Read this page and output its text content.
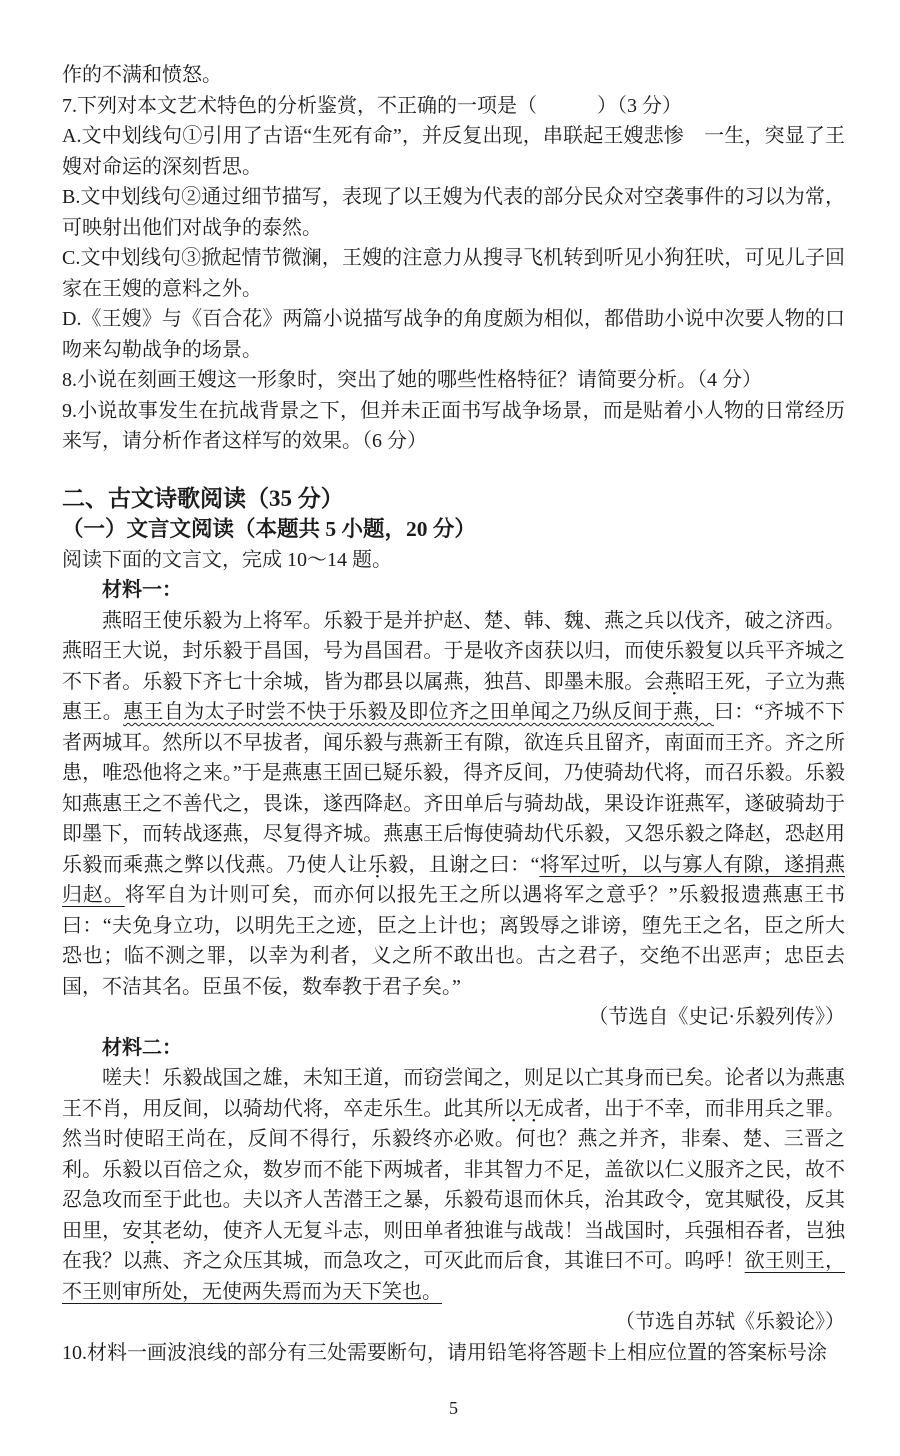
作的不满和愤怒。

7.下列对本文艺术特色的分析鉴赏，不正确的一项是（　　　）（3 分）

A.文中划线句①引用了古语“生死有命”，并反复出现，串联起王嫂悲惨　一生，突显了王嫂对命运的深刻哲思。

B.文中划线句②通过细节描写，表现了以王嫂为代表的部分民众对空袭事件的习以为常，可映射出他们对战争的泰然。

C.文中划线句③掀起情节微澜，王嫂的注意力从搜寻飞机转到听见小狗狂吠，可见儿子回家在王嫂的意料之外。

D.《王嫂》与《百合花》两篇小说描写战争的角度颇为相似，都借助小说中次要人物的口吻来勾勒战争的场景。

8.小说在刻画王嫂这一形象时，突出了她的哪些性格特征？请简要分析。（4 分）

9.小说故事发生在抗战背景之下，但并未正面书写战争场景，而是贴着小人物的日常经历来写，请分析作者这样写的效果。（6 分）

二、古文诗歌阅读（35 分）

（一）文言文阅读（本题共 5 小题，20 分）

阅读下面的文言文，完成 10～14 题。

材料一：

燕昭王使乐毅为上将军。乐毅于是并护赵、楚、韩、魏、燕之兵以伐齐，破之济西。燕昭王大说，封乐毅于昌国，号为昌国君。于是收齐卤获以归，而使乐毅复以兵平齐城之不下者。乐毅下齐七十余城，皆为郡县以属燕，独莒、即墨未服。会燕昭王死，子立为燕惠王。惠王自为太子时尝不快于乐毅及即位齐之田单闻之乃纵反间于燕，曰：“齐城不下者两城耳。然所以不早拔者，闻乐毅与燕新王有隙，欲连兵且留齐，南面而王齐。齐之所患，唯恐他将之来。”于是燕惠王固已疑乐毅，得齐反间，乃使骑劫代将，而召乐毅。乐毅知燕惠王之不善代之，畏诛，遂西降赵。齐田单后与骑劫战，果设诈诳燕军，遂破骑劫于即墨下，而转战逐燕，尽复得齐城。燕惠王后悔使骑劫代乐毅，又怨乐毅之降赵，恐赵用乐毅而乘燕之弊以伐燕。乃使人让乐毅，且谢之曰：“将军过听，以与寡人有隙，遂捐燕归赵。将军自为计则可矣，而亦何以报先王之所以遇将军之意乎？”乐毅报遗燕惠王书曰：“夫免身立功，以明先王之迹，臣之上计也；离毁辱之诽谤，堕先王之名，臣之所大恐也；临不测之罪，以幸为利者，义之所不敢出也。古之君子，交绝不出恶声；忠臣去国，不洁其名。臣虽不佞，数奉教于君子矣。”

（节选自《史记·乐毅列传》）

材料二：

嗟夫！乐毅战国之雄，未知王道，而窃尝闻之，则足以亡其身而已矣。论者以为燕惠王不肖，用反间，以骑劫代将，卒走乐生。此其所以无成者，出于不幸，而非用兵之罪。然当时使昭王尚在，反间不得行，乐毅终亦必败。何也？燕之并齐，非秦、楚、三晋之利。乐毅以百倍之众，数岁而不能下两城者，非其智力不足，盖欲以仁义服齐之民，故不忍急攻而至于此也。夫以齐人苦潜王之暴，乐毅苟退而休兵，治其政令，宽其赋役，反其田里，安其老幼，使齐人无复斗志，则田单者独谁与战哉！当战国时，兵强相吞者，岂独在我？以燕、齐之众压其城，而急攻之，可灭此而后食，其谁曰不可。呜呼！欲王则王，不王则审所处，无使两失焉而为天下笑也。

（节选自苏轼《乐毅论》）

10.材料一画波浪线的部分有三处需要断句，请用铅笔将答题卡上相应位置的答案标号涂

5
